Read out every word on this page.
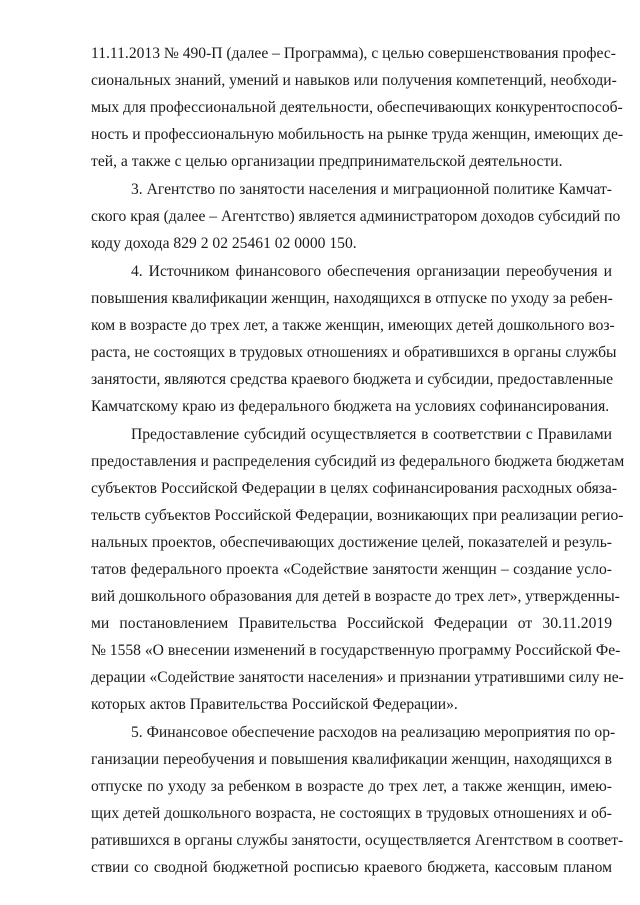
11.11.2013 № 490-П (далее – Программа), с целью совершенствования профес-
сиональных знаний, умений и навыков или получения компетенций, необходи-
мых для профессиональной деятельности, обеспечивающих конкурентоспособ-
ность и профессиональную мобильность на рынке труда женщин, имеющих де-
тей, а также с целью организации предпринимательской деятельности.
3. Агентство по занятости населения и миграционной политике Камчат-
ского края (далее – Агентство) является администратором доходов субсидий по
коду дохода 829 2 02 25461 02 0000 150.
4. Источником финансового обеспечения организации переобучения и
повышения квалификации женщин, находящихся в отпуске по уходу за ребен-
ком в возрасте до трех лет, а также женщин, имеющих детей дошкольного воз-
раста, не состоящих в трудовых отношениях и обратившихся в органы службы
занятости, являются средства краевого бюджета и субсидии, предоставленные
Камчатскому краю из федерального бюджета на условиях софинансирования.
Предоставление субсидий осуществляется в соответствии с Правилами
предоставления и распределения субсидий из федерального бюджета бюджетам
субъектов Российской Федерации в целях софинансирования расходных обяза-
тельств субъектов Российской Федерации, возникающих при реализации регио-
нальных проектов, обеспечивающих достижение целей, показателей и резуль-
татов федерального проекта «Содействие занятости женщин – создание усло-
вий дошкольного образования для детей в возрасте до трех лет», утвержденны-
ми постановлением Правительства Российской Федерации от 30.11.2019
№ 1558 «О внесении изменений в государственную программу Российской Фе-
дерации «Содействие занятости населения» и признании утратившими силу не-
которых актов Правительства Российской Федерации».
5. Финансовое обеспечение расходов на реализацию мероприятия по ор-
ганизации переобучения и повышения квалификации женщин, находящихся в
отпуске по уходу за ребенком в возрасте до трех лет, а также женщин, имею-
щих детей дошкольного возраста, не состоящих в трудовых отношениях и об-
ратившихся в органы службы занятости, осуществляется Агентством в соответ-
ствии со сводной бюджетной росписью краевого бюджета, кассовым планом
